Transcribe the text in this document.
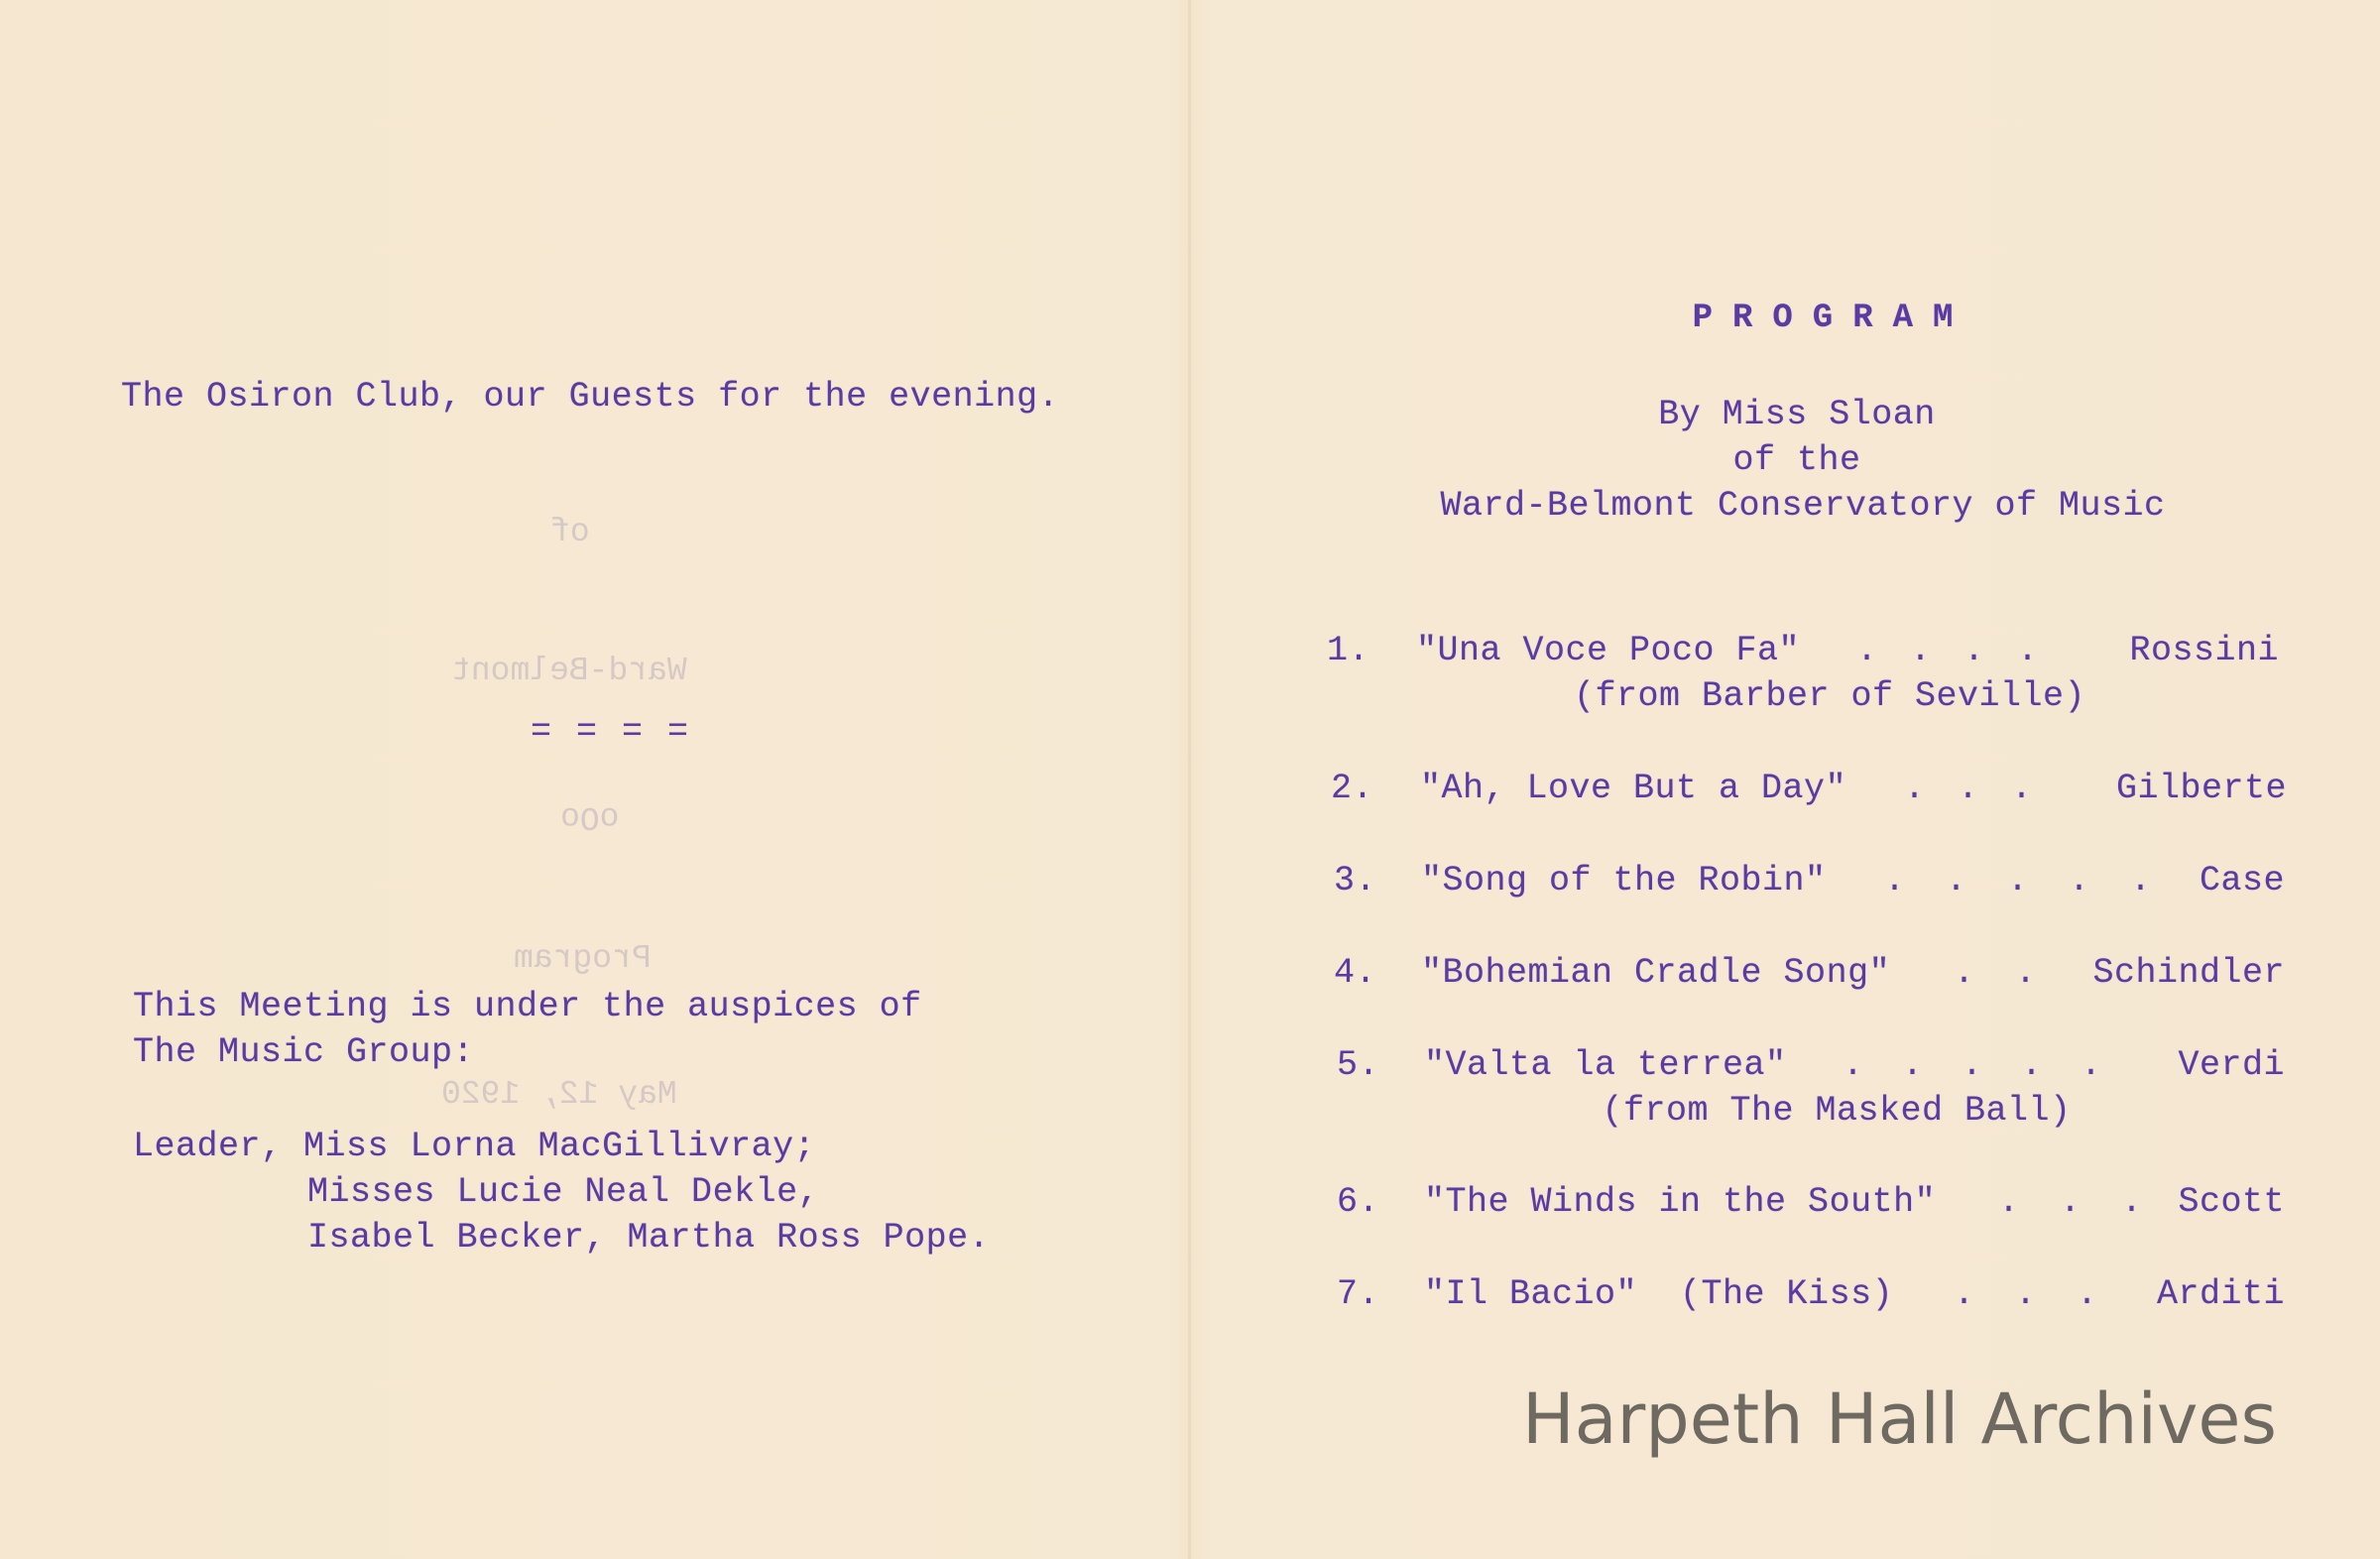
The Osiron Club, our Guests for the evening.
of
Ward-Belmont
= = = =
oOo
Program
May 12, 1920
This Meeting is under the auspices of
The Music Group:
Leader, Miss Lorna MacGillivray;
Misses Lucie Neal Dekle,
Isabel Becker, Martha Ross Pope.
PROGRAM
By Miss Sloan
of the
Ward-Belmont Conservatory of Music
1. "Una Voce Poco Fa" . . . . Rossini
(from Barber of Seville)
2. "Ah, Love But a Day" . . . Gilberte
3. "Song of the Robin" . . . . . Case
4. "Bohemian Cradle Song" . . Schindler
5. "Valta la terrea" . . . . . Verdi
(from The Masked Ball)
6. "The Winds in the South" . . . Scott
7. "Il Bacio"  (The Kiss) . . . Arditi
Harpeth Hall Archives
